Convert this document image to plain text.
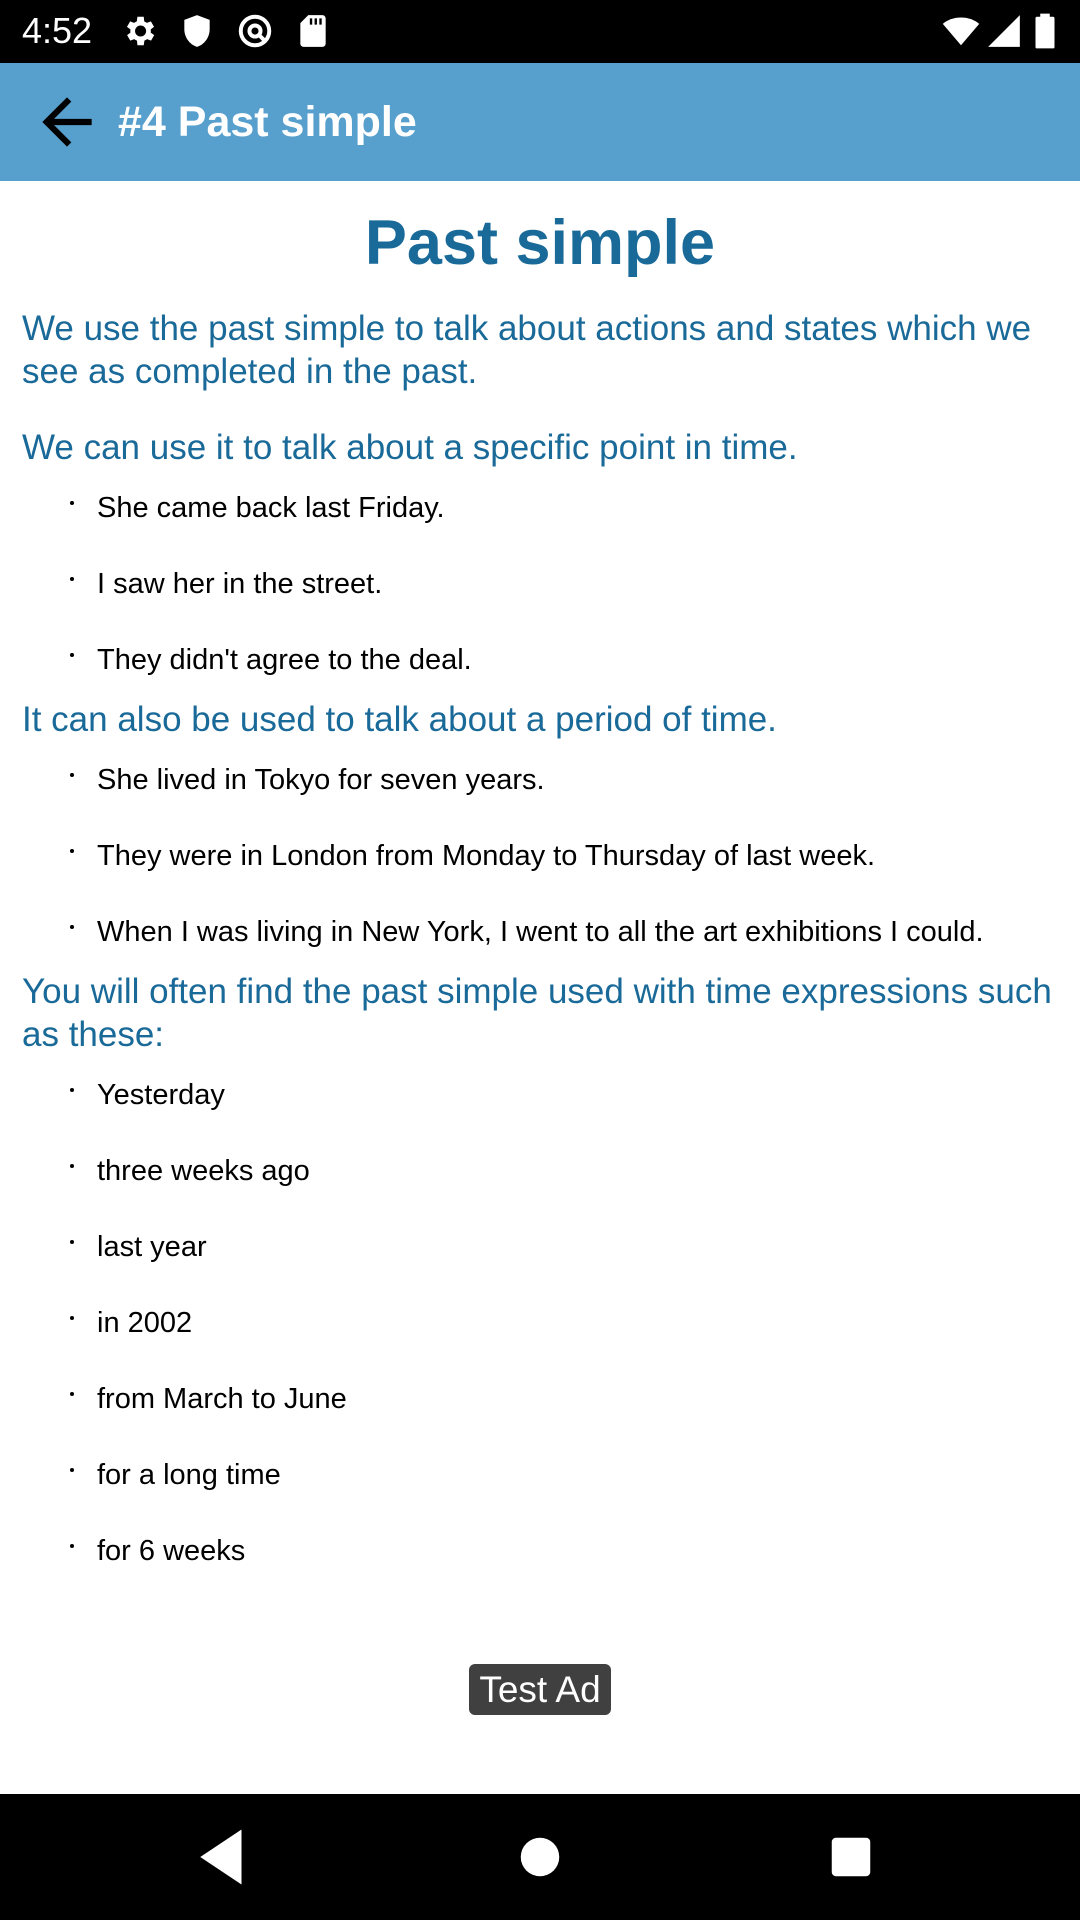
4:52
#4 Past simple
Past simple

We use the past simple to talk about actions and states which we see as completed in the past.

We can use it to talk about a specific point in time.

She came back last Friday.
I saw her in the street.
They didn't agree to the deal.

It can also be used to talk about a period of time.

She lived in Tokyo for seven years.
They were in London from Monday to Thursday of last week.
When I was living in New York, I went to all the art exhibitions I could.

You will often find the past simple used with time expressions such as these:

Yesterday
three weeks ago
last year
in 2002
from March to June
for a long time
for 6 weeks
Test Ad
